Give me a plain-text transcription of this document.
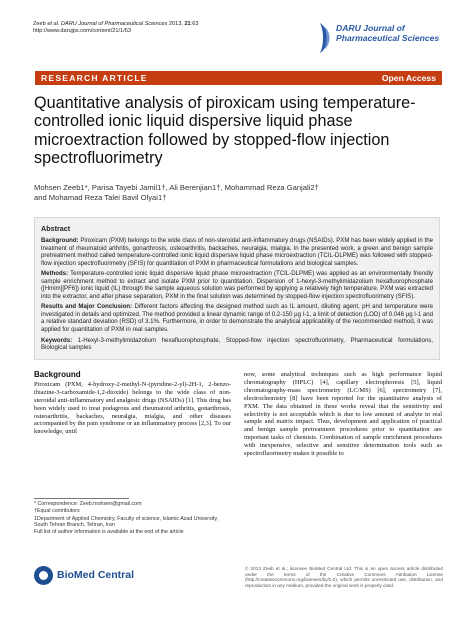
Zeeb et al. DARU Journal of Pharmaceutical Sciences 2013, 21:63
http://www.darujps.com/content/21/1/63	DARU Journal of
Pharmaceutical Sciences
RESEARCH ARTICLE	Open Access
Quantitative analysis of piroxicam using temperature-controlled ionic liquid dispersive liquid phase microextraction followed by stopped-flow injection spectrofluorimetry
Mohsen Zeeb1*, Parisa Tayebi Jamil1†, Ali Berenjian1†, Mohammad Reza Ganjali2†
and Mohamad Reza Talei Bavil Olyai1†
Abstract

Background: Piroxicam (PXM) belongs to the wide class of non-steroidal anti-inflammatory drugs (NSAIDs). PXM has been widely applied in the treatment of rheumatoid arthritis, gonarthrosis, osteoarthritis, backaches, neuralgia, mialgia. In the presented work, a green and benign sample pretreatment method called temperature-controlled ionic liquid dispersive liquid phase microextraction (TCIL-DLPME) was followed with stopped-flow injection spectrofluorimetry (SFIS) for quantitation of PXM in pharmaceutical formulations and biological samples.

Methods: Temperature-controlled ionic liquid dispersive liquid phase microextraction (TCIL-DLPME) was applied as an environmentally friendly sample enrichment method to extract and isolate PXM prior to quantitation. Dispersion of 1-hexyl-3-methylimidazolium hexafluorophosphate ([Hmim][PF6]) ionic liquid (IL) through the sample aqueous solution was performed by applying a relatively high temperature. PXM was extracted into the extractor, and after phase separation, PXM in the final solution was determined by stopped-flow injection spectrofluorimetry (SFIS).

Results and Major Conclusion: Different factors affecting the designed method such as IL amount, diluting agent, pH and temperature were investigated in details and optimized. The method provided a linear dynamic range of 0.2-150 µg l-1, a limit of detection (LOD) of 0.046 µg l-1 and a relative standard deviation (RSD) of 3.1%. Furthermore, in order to demonstrate the analytical applicability of the recommended method, it was applied for quantitation of PXM in real samples.

Keywords: 1-Hexyl-3-methylimidazolium hexafluorophosphate, Stopped-flow injection spectrofluorimetry, Pharmaceutical formulations, Biological samples

Background
Piroxicam (PXM, 4-hydroxy-2-methyl-N-(pyridine-2-yl)-2H-1, 2-benzo-thiazine-3-carboxamide-1,2-dioxide) belongs to the wide class of non-steroidal anti-inflammatory and analgesic drugs (NSAIDs) [1]. This drug has been widely used to treat podagrous and rheumatoid arthritis, gonarthrosis, osteoarthritis, backaches, neuralgia, mialgia, and other diseases accompanied by the pain syndrome or an inflammatory process [2,3]. To our knowledge, until
now, some analytical techniques such as high performance liquid chromatography (HPLC) [4], capillary electrophoresis [5], liquid chromatography-mass spectrometry (LC/MS) [6], spectrometry [7], electrochemistry [8] have been reported for the quantitative analysis of PXM. The data obtained in these works reveal that the sensitivity and selectivity is not acceptable which is due to low amount of analyte in real sample and matrix impact. Thus, development and application of practical and benign sample pretreatment procedures prior to quantitation are important tasks of chemists. Combination of sample enrichment procedures with inexpensive, selective and sensitive determination tools such as spectrofluorimetry makes it possible to

* Correspondence: Zeeb.mohsen@gmail.com

†Equal contributors

1Department of Applied Chemistry, Faculty of science, Islamic Azad University, South Tehran Branch, Tehran, Iran

Full list of author information is available at the end of the article

BioMed Central
© 2013 Zeeb et al.; licensee BioMed Central Ltd. This is an open access article distributed under the terms of the Creative Commons Attribution License (http://creativecommons.org/licenses/by/2.0), which permits unrestricted use, distribution, and reproduction in any medium, provided the original work is properly cited.
